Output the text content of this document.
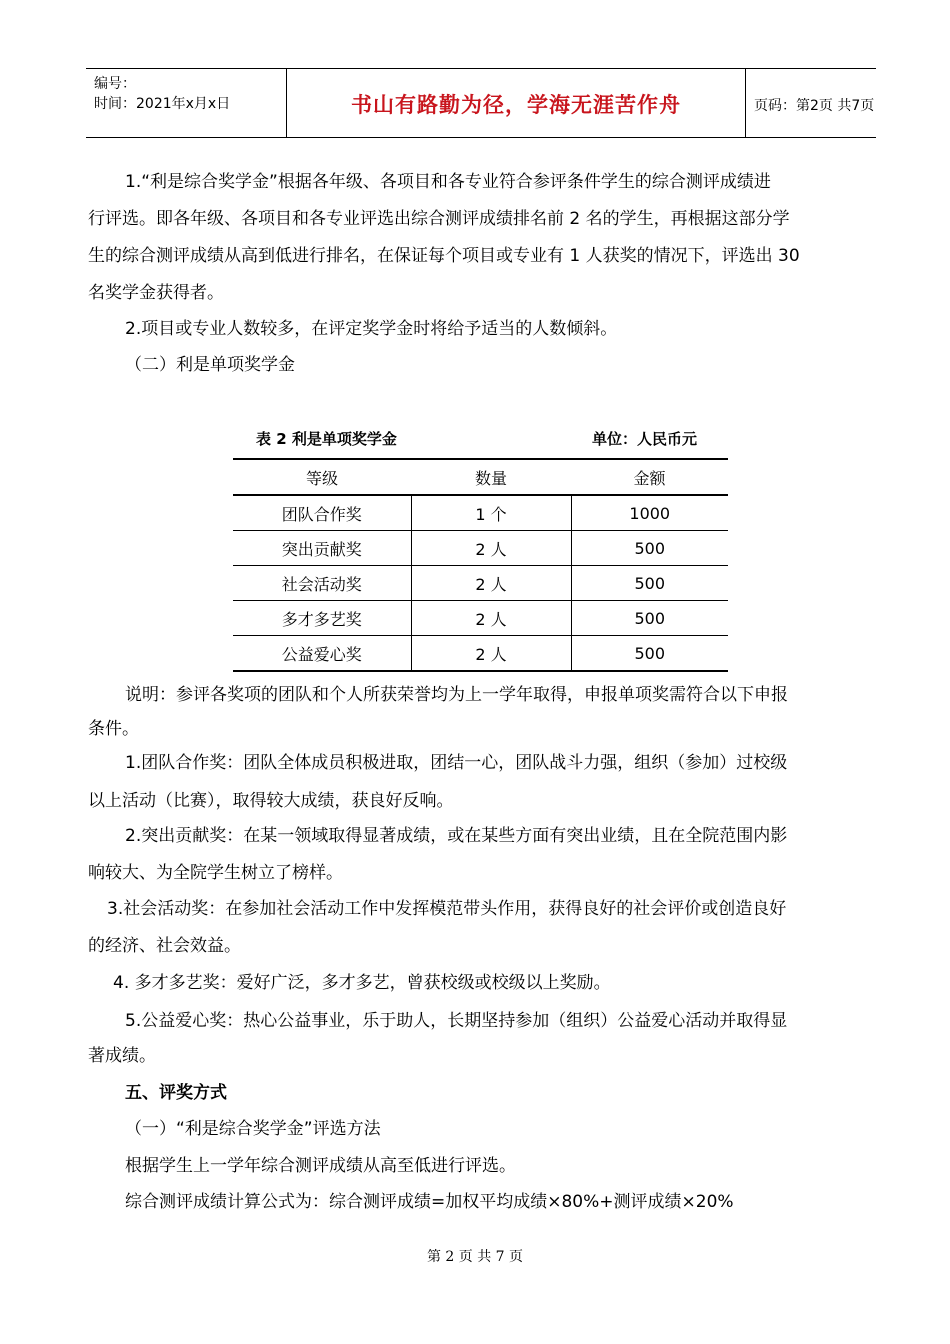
编号：
时间：2021年x月x日	书山有路勤为径，学海无涯苦作舟	页码：第2页 共7页
1.“利是综合奖学金”根据各年级、各项目和各专业符合参评条件学生的综合测评成绩进
行评选。即各年级、各项目和各专业评选出综合测评成绩排名前 2 名的学生，再根据这部分学
生的综合测评成绩从高到低进行排名，在保证每个项目或专业有 1 人获奖的情况下，评选出 30
名奖学金获得者。
2.项目或专业人数较多，在评定奖学金时将给予适当的人数倾斜。
（二）利是单项奖学金
表 2 利是单项奖学金	单位：人民币元
等级	数量	金额
团队合作奖	1 个	1000
突出贡献奖	2 人	500
社会活动奖	2 人	500
多才多艺奖	2 人	500
公益爱心奖	2 人	500
说明：参评各奖项的团队和个人所获荣誉均为上一学年取得，申报单项奖需符合以下申报
条件。
1.团队合作奖：团队全体成员积极进取，团结一心，团队战斗力强，组织（参加）过校级
以上活动（比赛），取得较大成绩，获良好反响。
2.突出贡献奖：在某一领域取得显著成绩，或在某些方面有突出业绩，且在全院范围内影
响较大、为全院学生树立了榜样。
3.社会活动奖：在参加社会活动工作中发挥模范带头作用，获得良好的社会评价或创造良好
的经济、社会效益。
4. 多才多艺奖：爱好广泛，多才多艺，曾获校级或校级以上奖励。
5.公益爱心奖：热心公益事业，乐于助人，长期坚持参加（组织）公益爱心活动并取得显
著成绩。
五、评奖方式
（一）“利是综合奖学金”评选方法
根据学生上一学年综合测评成绩从高至低进行评选。
综合测评成绩计算公式为：综合测评成绩=加权平均成绩×80%+测评成绩×20%
第 2 页 共 7 页
